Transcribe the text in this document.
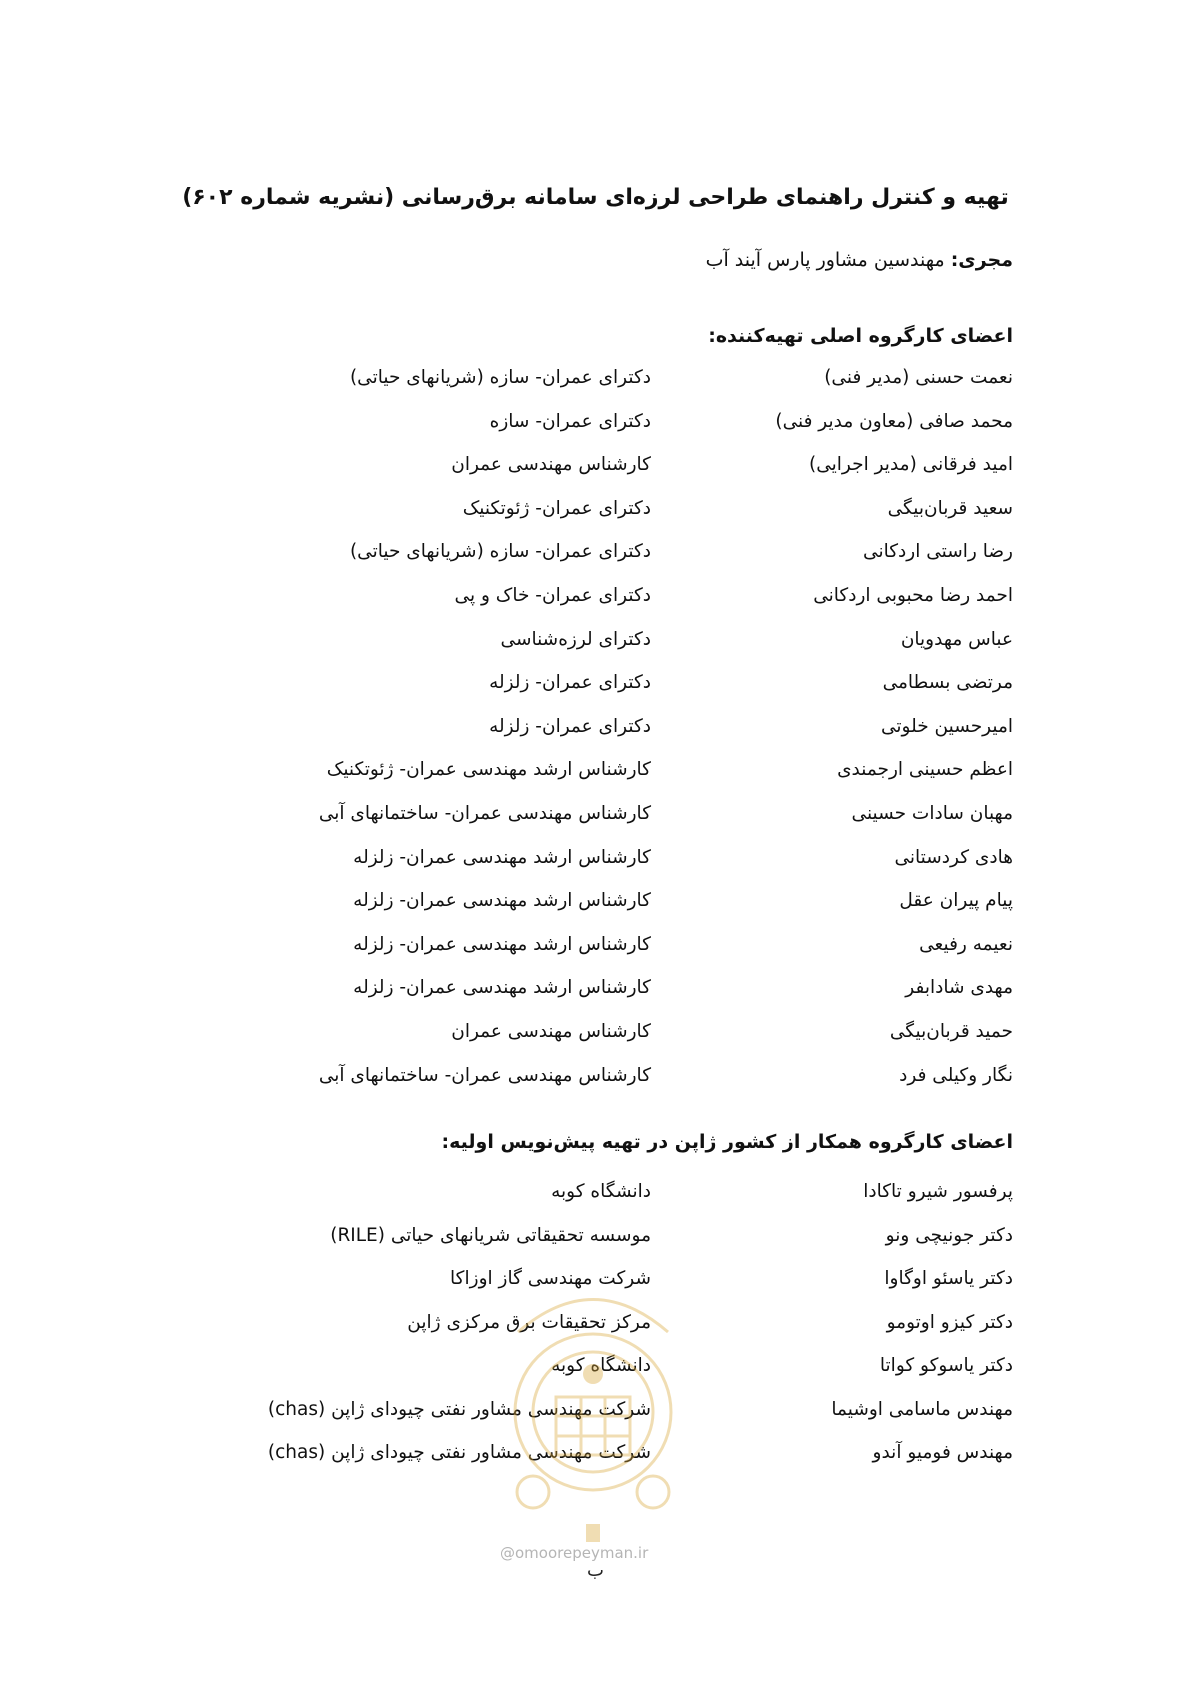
تهیه و کنترل راهنمای طراحی لرزه‌ای سامانه برق‌رسانی (نشریه شماره ۶۰۲)

مجری: مهندسین مشاور پارس آیند آب

اعضای کارگروه اصلی تهیه‌کننده:
نعمت حسنی (مدیر فنی)
دکترای عمران- سازه (شریانهای حیاتی)
محمد صافی (معاون مدیر فنی)
دکترای عمران- سازه
امید فرقانی (مدیر اجرایی)
کارشناس مهندسی عمران
سعید قربان‌بیگی
دکترای عمران- ژئوتکنیک
رضا راستی اردکانی
دکترای عمران- سازه (شریانهای حیاتی)
احمد رضا محبوبی اردکانی
دکترای عمران- خاک و پی
عباس مهدویان
دکترای لرزه‌شناسی
مرتضی بسطامی
دکترای عمران- زلزله
امیرحسین خلوتی
دکترای عمران- زلزله
اعظم حسینی ارجمندی
کارشناس ارشد مهندسی عمران- ژئوتکنیک
مهبان سادات حسینی
کارشناس مهندسی عمران- ساختمانهای آبی
هادی کردستانی
کارشناس ارشد مهندسی عمران- زلزله
پیام پیران عقل
کارشناس ارشد مهندسی عمران- زلزله
نعیمه رفیعی
کارشناس ارشد مهندسی عمران- زلزله
مهدی شادابفر
کارشناس ارشد مهندسی عمران- زلزله
حمید قربان‌بیگی
کارشناس مهندسی عمران
نگار وکیلی فرد
کارشناس مهندسی عمران- ساختمانهای آبی
اعضای کارگروه همکار از کشور ژاپن در تهیه پیش‌نویس اولیه:
پرفسور شیرو تاکادا
دانشگاه کوبه
دکتر جونیچی ونو
موسسه تحقیقاتی شریانهای حیاتی (RILE)
دکتر یاسئو اوگاوا
شرکت مهندسی گاز اوزاکا
دکتر کیزو اوتومو
مرکز تحقیقات برق مرکزی ژاپن
دکتر یاسوکو کواتا
دانشگاه کوبه
مهندس ماسامی اوشیما
شرکت مهندسی مشاور نفتی چیودای ژاپن (chas)
مهندس فومیو آندو
شرکت مهندسی مشاور نفتی چیودای ژاپن (chas)

@omoorepeyman.ir

ب
